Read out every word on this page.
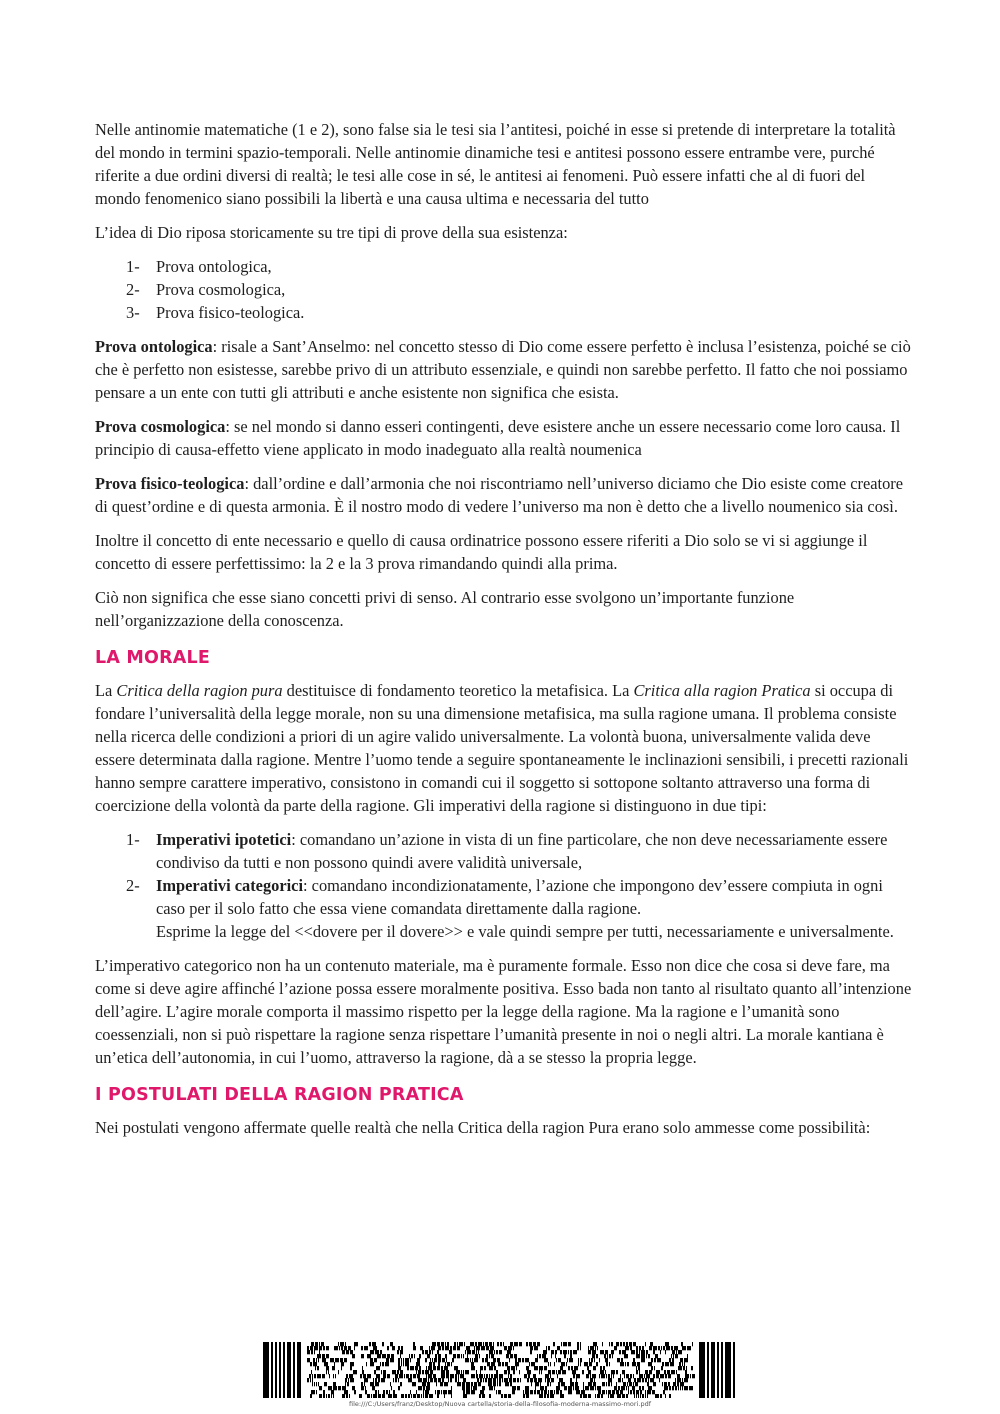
Nelle antinomie matematiche (1 e 2), sono false sia le tesi sia l’antitesi, poiché in esse si pretende di interpretare la totalità del mondo in termini spazio-temporali. Nelle antinomie dinamiche tesi e antitesi possono essere entrambe vere, purché riferite a due ordini diversi di realtà; le tesi alle cose in sé, le antitesi ai fenomeni. Può essere infatti che al di fuori del mondo fenomenico siano possibili la libertà e una causa ultima e necessaria del tutto

L’idea di Dio riposa storicamente su tre tipi di prove della sua esistenza:

1- Prova ontologica,
2- Prova cosmologica,
3- Prova fisico-teologica.

Prova ontologica: risale a Sant’Anselmo: nel concetto stesso di Dio come essere perfetto è inclusa l’esistenza, poiché se ciò che è perfetto non esistesse, sarebbe privo di un attributo essenziale, e quindi non sarebbe perfetto. Il fatto che noi possiamo pensare a un ente con tutti gli attributi e anche esistente non significa che esista.

Prova cosmologica: se nel mondo si danno esseri contingenti, deve esistere anche un essere necessario come loro causa. Il principio di causa-effetto viene applicato in modo inadeguato alla realtà noumenica

Prova fisico-teologica: dall’ordine e dall’armonia che noi riscontriamo nell’universo diciamo che Dio esiste come creatore di quest’ordine e di questa armonia. È il nostro modo di vedere l’universo ma non è detto che a livello noumenico sia così.

Inoltre il concetto di ente necessario e quello di causa ordinatrice possono essere riferiti a Dio solo se vi si aggiunge il concetto di essere perfettissimo: la 2 e la 3 prova rimandando quindi alla prima.

Ciò non significa che esse siano concetti privi di senso. Al contrario esse svolgono un’importante funzione nell’organizzazione della conoscenza.

LA MORALE

La Critica della ragion pura destituisce di fondamento teoretico la metafisica. La Critica alla ragion Pratica si occupa di fondare l’universalità della legge morale, non su una dimensione metafisica, ma sulla ragione umana. Il problema consiste nella ricerca delle condizioni a priori di un agire valido universalmente. La volontà buona, universalmente valida deve essere determinata dalla ragione. Mentre l’uomo tende a seguire spontaneamente le inclinazioni sensibili, i precetti razionali hanno sempre carattere imperativo, consistono in comandi cui il soggetto si sottopone soltanto attraverso una forma di coercizione della volontà da parte della ragione. Gli imperativi della ragione si distinguono in due tipi:

1- Imperativi ipotetici: comandano un’azione in vista di un fine particolare, che non deve necessariamente essere condiviso da tutti e non possono quindi avere validità universale,
2- Imperativi categorici: comandano incondizionatamente, l’azione che impongono dev’essere compiuta in ogni caso per il solo fatto che essa viene comandata direttamente dalla ragione.
Esprime la legge del <<dovere per il dovere>> e vale quindi sempre per tutti, necessariamente e universalmente.

L’imperativo categorico non ha un contenuto materiale, ma è puramente formale. Esso non dice che cosa si deve fare, ma come si deve agire affinché l’azione possa essere moralmente positiva. Esso bada non tanto al risultato quanto all’intenzione dell’agire. L’agire morale comporta il massimo rispetto per la legge della ragione. Ma la ragione e l’umanità sono coessenziali, non si può rispettare la ragione senza rispettare l’umanità presente in noi o negli altri. La morale kantiana è un’etica dell’autonomia, in cui l’uomo, attraverso la ragione, dà a se stesso la propria legge.

I POSTULATI DELLA RAGION PRATICA

Nei postulati vengono affermate quelle realtà che nella Critica della ragion Pura erano solo ammesse come possibilità:

file:///C:/Users/franz/Desktop/Nuova cartella/storia-della-filosofia-moderna-massimo-mori.pdf
